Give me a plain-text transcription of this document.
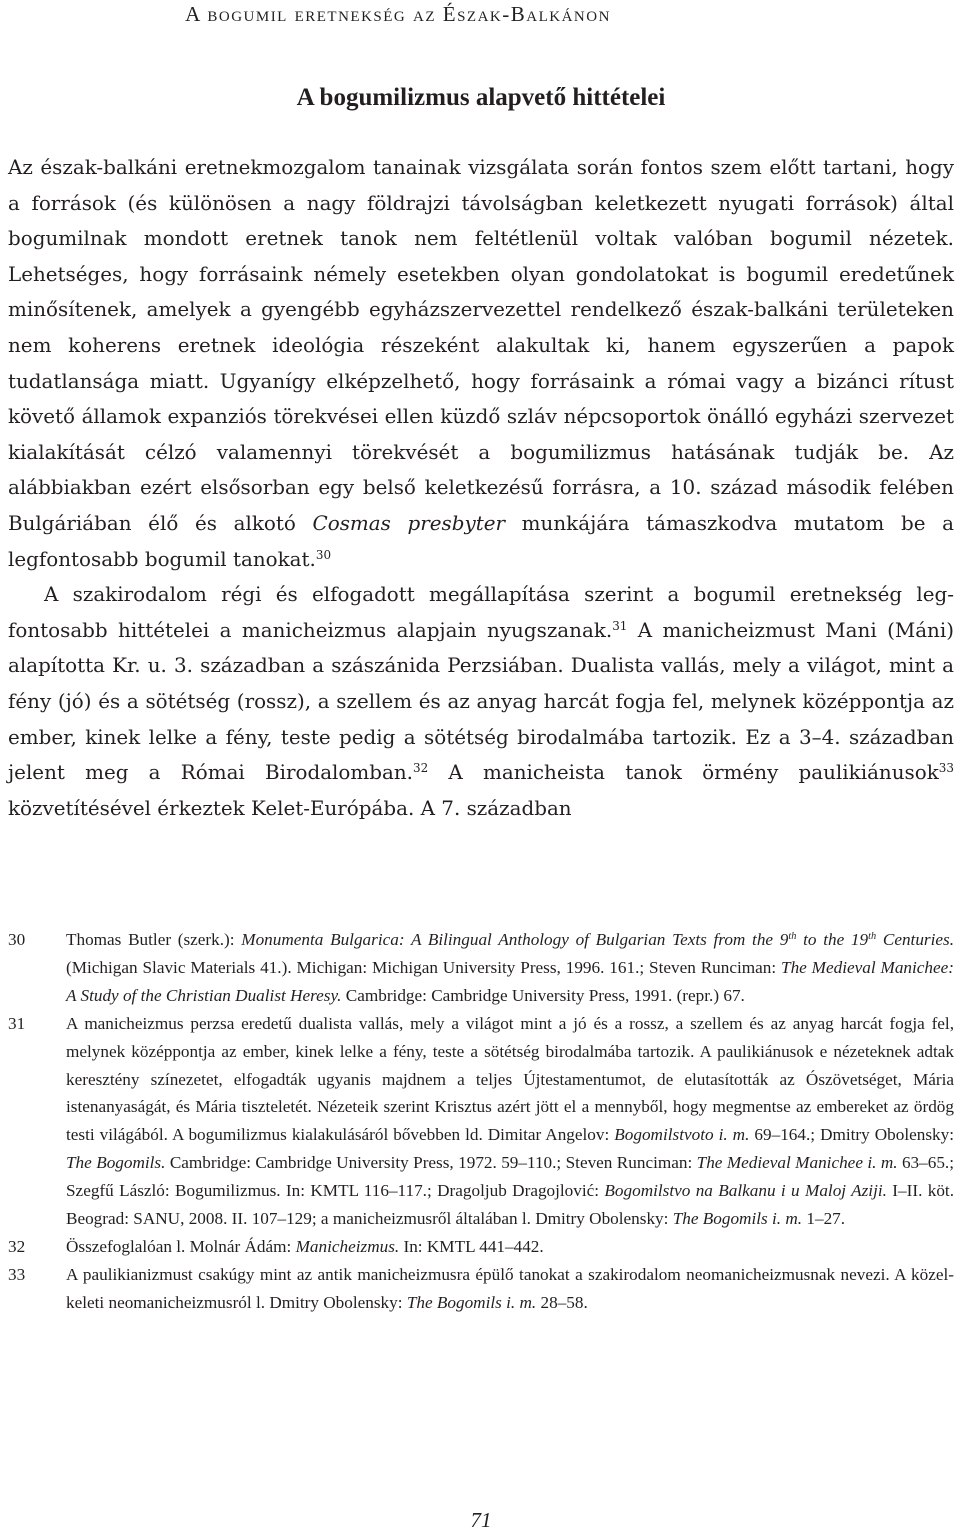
A bogumil eretnekség az Észak-Balkánon
A bogumilizmus alapvető hittételei

Az észak-balkáni eretnekmozgalom tanainak vizsgálata során fontos szem előtt tartani, hogy a források (és különösen a nagy földrajzi távolságban keletkezett nyugati források) által bogumilnak mondott eretnek tanok nem feltétlenül voltak valóban bogumil nézetek. Lehetséges, hogy forrásaink némely esetekben olyan gondolatokat is bogumil eredetűnek minősítenek, amelyek a gyengébb egyházszervezettel rendelkező észak-balkáni területeken nem koherens eretnek ideológia részeként alakultak ki, hanem egyszerűen a papok tudatlansága miatt. Ugyanígy elképzelhető, hogy forrásaink a római vagy a bizánci rítust követő államok expanziós törekvései ellen küzdő szláv népcsoportok önálló egyházi szervezet kialakítását célzó valamennyi törekvését a bogumilizmus hatásának tudják be. Az alábbiakban ezért elsősorban egy belső keletkezésű forrásra, a 10. század második felében Bulgáriában élő és alkotó Cosmas presbyter munkájára támaszkodva mutatom be a legfontosabb bogumil tanokat.$^{30}$

A szakirodalom régi és elfogadott megállapítása szerint a bogumil eretnekség legfontosabb hittételei a manicheizmus alapjain nyugszanak.$^{31}$ A manicheizmust Mani (Máni) alapította Kr. u. 3. században a szászánida Perzsiában. Dualista vallás, mely a világot, mint a fény (jó) és a sötétség (rossz), a szellem és az anyag harcát fogja fel, melynek középpontja az ember, kinek lelke a fény, teste pedig a sötétség birodalmába tartozik. Ez a 3–4. században jelent meg a Római Birodalomban.$^{32}$ A manicheista tanok örmény paulikiánusok$^{33}$ közvetítésével érkeztek Kelet-Európába. A 7. században

30	Thomas Butler (szerk.): Monumenta Bulgarica: A Bilingual Anthology of Bulgarian Texts from the 9th to the 19th Centuries. (Michigan Slavic Materials 41.). Michigan: Michigan University Press, 1996. 161.; Steven Runciman: The Medieval Manichee: A Study of the Christian Dualist Heresy. Cambridge: Cambridge University Press, 1991. (repr.) 67.
31	A manicheizmus perzsa eredetű dualista vallás, mely a világot mint a jó és a rossz, a szellem és az anyag harcát fogja fel, melynek középpontja az ember, kinek lelke a fény, teste a sötétség birodalmába tartozik. A paulikiánusok e nézeteknek adtak keresztény színezetet, elfogadták ugyanis majdnem a teljes Újtestamentumot, de elutasították az Ószövetséget, Mária istenanyaságát, és Mária tiszteletét. Nézeteik szerint Krisztus azért jött el a mennyből, hogy megmentse az embereket az ördög testi világából. A bogumilizmus kialakulásáról bővebben ld. Dimitar Angelov: Bogomilstvoto i. m. 69–164.; Dmitry Obolensky: The Bogomils. Cambridge: Cambridge University Press, 1972. 59–110.; Steven Runciman: The Medieval Manichee i. m. 63–65.; Szegfű László: Bogumilizmus. In: KMTL 116–117.; Dragoljub Dragojlović: Bogomilstvo na Balkanu i u Maloj Aziji. I–II. köt. Beograd: SANU, 2008. II. 107–129; a manicheizmusről általában l. Dmitry Obolensky: The Bogomils i. m. 1–27.
32	Összefoglalóan l. Molnár Ádám: Manicheizmus. In: KMTL 441–442.
33	A paulikianizmust csakúgy mint az antik manicheizmusra épülő tanokat a szakirodalom neomanicheizmusnak nevezi. A közel-keleti neomanicheizmusról l. Dmitry Obolensky: The Bogomils i. m. 28–58.
71
